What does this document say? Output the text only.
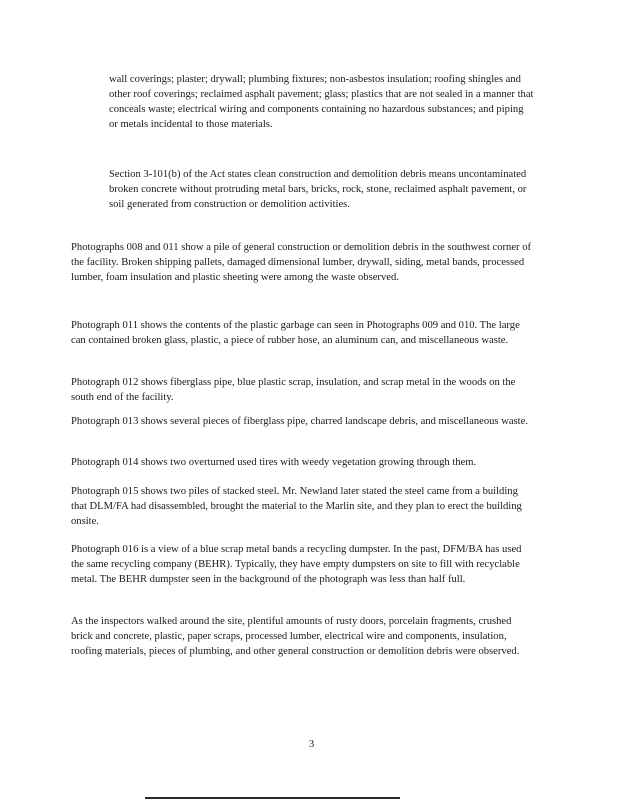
wall coverings; plaster; drywall; plumbing fixtures; non-asbestos insulation; roofing shingles and other roof coverings; reclaimed asphalt pavement; glass; plastics that are not sealed in a manner that conceals waste; electrical wiring and components containing no hazardous substances; and piping or metals incidental to those materials.

Section 3-101(b) of the Act states clean construction and demolition debris means uncontaminated broken concrete without protruding metal bars, bricks, rock, stone, reclaimed asphalt pavement, or soil generated from construction or demolition activities.

Photographs 008 and 011 show a pile of general construction or demolition debris in the southwest corner of the facility. Broken shipping pallets, damaged dimensional lumber, drywall, siding, metal bands, processed lumber, foam insulation and plastic sheeting were among the waste observed.

Photograph 011 shows the contents of the plastic garbage can seen in Photographs 009 and 010. The large can contained broken glass, plastic, a piece of rubber hose, an aluminum can, and miscellaneous waste.

Photograph 012 shows fiberglass pipe, blue plastic scrap, insulation, and scrap metal in the woods on the south end of the facility.

Photograph 013 shows several pieces of fiberglass pipe, charred landscape debris, and miscellaneous waste.

Photograph 014 shows two overturned used tires with weedy vegetation growing through them.

Photograph 015 shows two piles of stacked steel. Mr. Newland later stated the steel came from a building that DLM/FA had disassembled, brought the material to the Marlin site, and they plan to erect the building onsite.

Photograph 016 is a view of a blue scrap metal bands a recycling dumpster. In the past, DFM/BA has used the same recycling company (BEHR). Typically, they have empty dumpsters on site to fill with recyclable metal. The BEHR dumpster seen in the background of the photograph was less than half full.

As the inspectors walked around the site, plentiful amounts of rusty doors, porcelain fragments, crushed brick and concrete, plastic, paper scraps, processed lumber, electrical wire and components, insulation, roofing materials, pieces of plumbing, and other general construction or demolition debris were observed.

3
